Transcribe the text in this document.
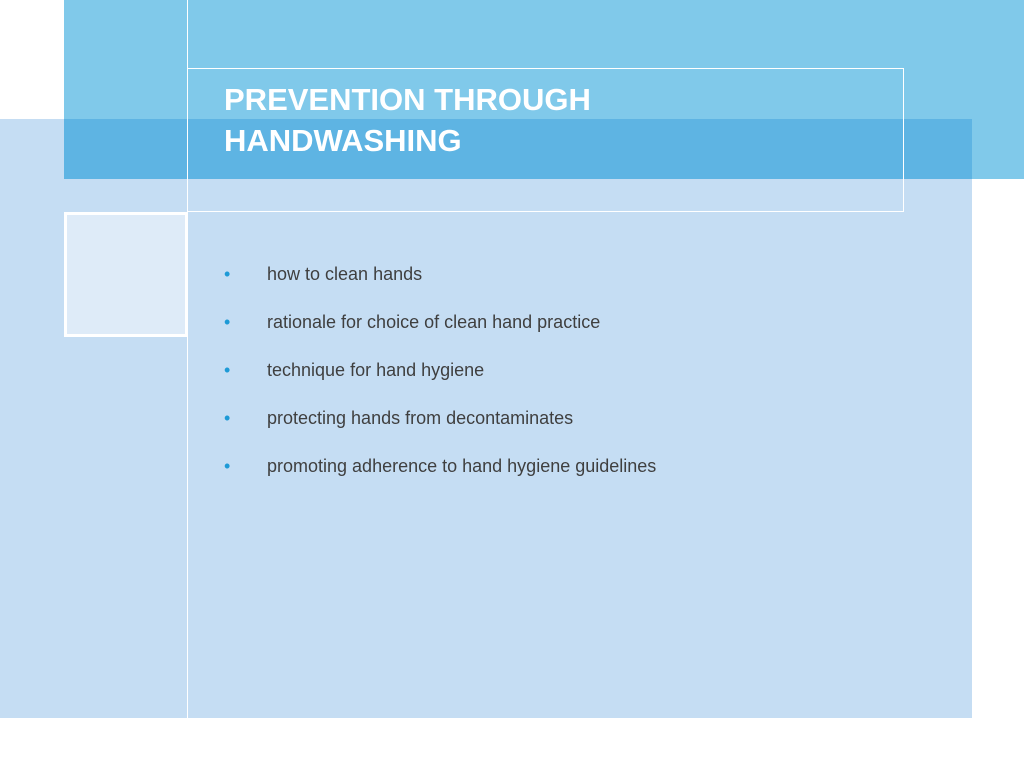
PREVENTION THROUGH
HANDWASHING
• how to clean hands
• rationale for choice of clean hand practice
• technique for hand hygiene
• protecting hands from decontaminates
• promoting adherence to hand hygiene guidelines
